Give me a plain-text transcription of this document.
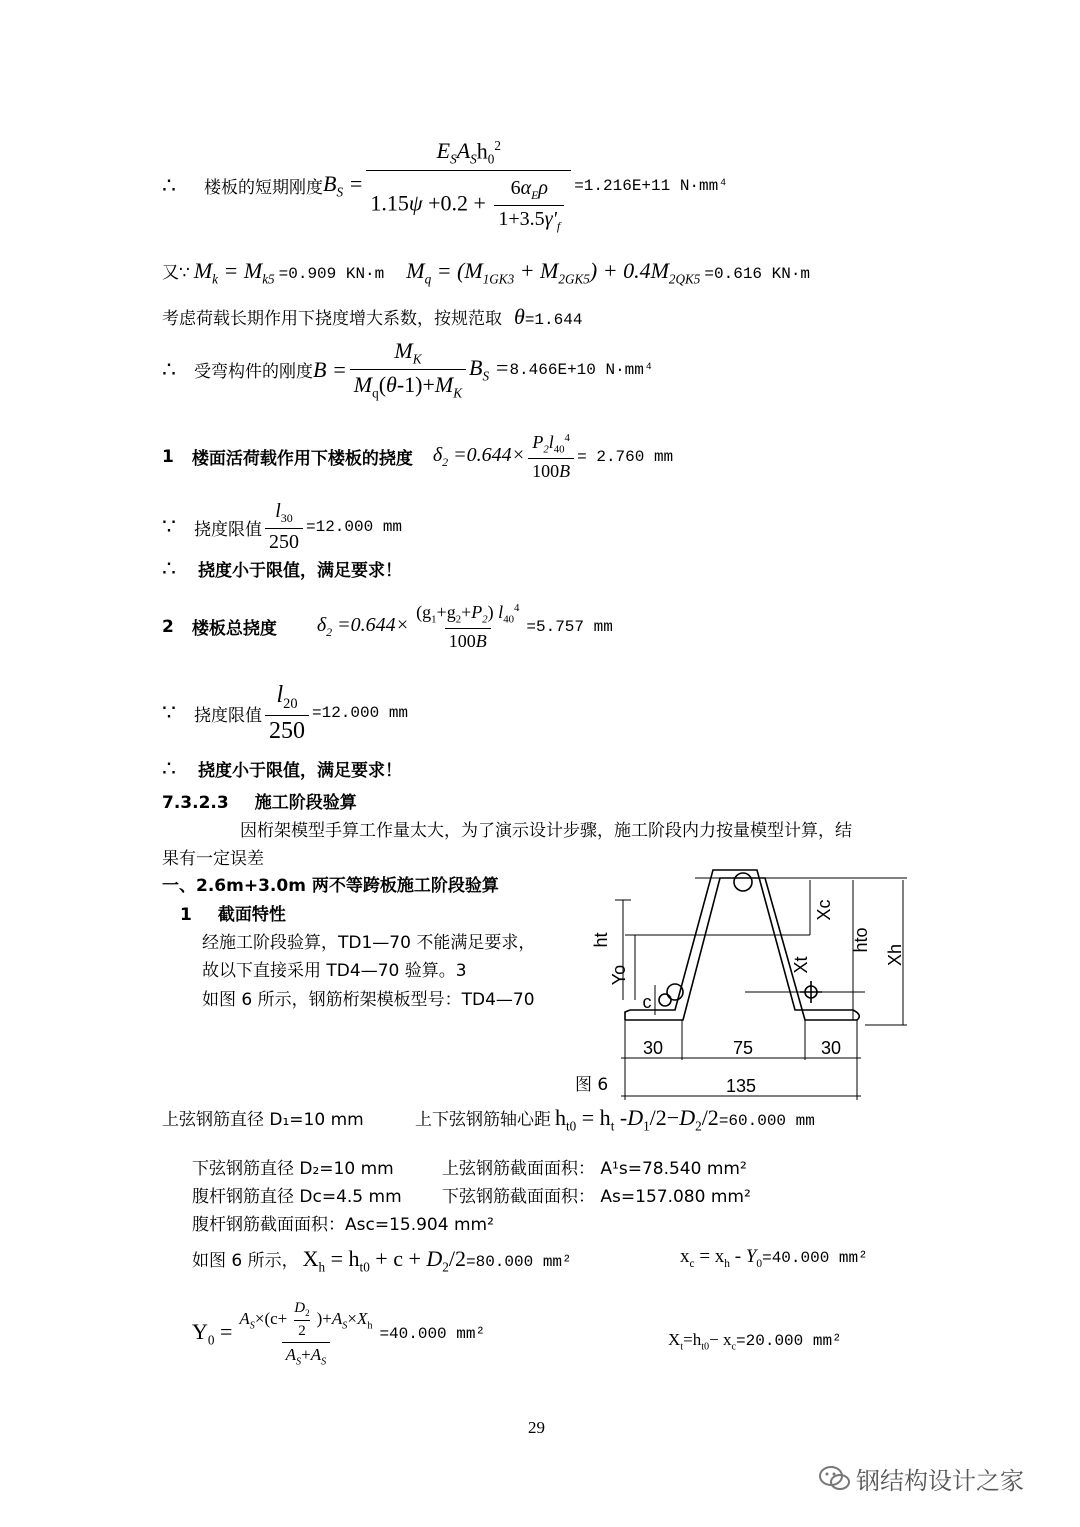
∴ 楼板的短期刚度 $B_S = \frac{E_SA_Sh_0^2}{1.15\psi +0.2 + \frac{6\alpha_E\rho}{1+3.5\gamma'_f}} =1.216E+11$ N·mm⁴
又∵ $M_k = M_{k5} =0.909$ KN·m $M_q = (M_{1GK3} + M_{2GK5}) + 0.4M_{2QK5} =0.616$ KN·m
考虑荷载长期作用下挠度增大系数，按规范取 θ=1.644
∴ 受弯构件的刚度 $B = \frac{M_K}{M_q(\theta-1)+M_K} B_S = 8.466E+10$ N·mm⁴
1 楼面活荷载作用下楼板的挠度 $\delta_2 =0.644\times \frac{P_2l_{40}^4}{100B} = 2.760$ mm
∵ 挠度限值 $\frac{l_{30}}{250} =12.000$ mm
∴ 挠度小于限值，满足要求！
2 楼板总挠度 $\delta_2 =0.644\times \frac{(g_1+g_2+P_2) l_{40}^4}{100B} =5.757$ mm
∵ 挠度限值 $\frac{l_{20}}{250} =12.000$ mm
∴ 挠度小于限值，满足要求！
7.3.2.3 施工阶段验算
因桁架模型手算工作量太大，为了演示设计步骤，施工阶段内力按量模型计算，结
果有一定误差
一、2.6m+3.0m 两不等跨板施工阶段验算
1 截面特性
经施工阶段验算，TD1—70 不能满足要求，
故以下直接采用 TD4—70 验算。3
如图 6 所示，钢筋桁架模板型号：TD4—70
图 6
30	75	30
135
ht
Yo
c
Xc
Xt
hto
Xh
上弦钢筋直径 D₁=10 mm	上下弦钢筋轴心距 $h_{t0} = h_t$ $-D_1/2-D_2/2=60.000$ mm
下弦钢筋直径 D₂=10 mm	上弦钢筋截面面积： A¹s=78.540 mm²
腹杆钢筋直径 Dc=4.5 mm 下弦钢筋截面面积： As=157.080 mm²
腹杆钢筋截面面积：Asc=15.904 mm²
如图 6 所示， $X_h = h_{t0} + c + D_2/2=80.000$ mm²	$x_c = x_h - Y_0=40.000$ mm²
$Y_0 = \frac{A_S\times(c+ \frac{D_2}{2} )+A_S\times X_h}{A_S+A_S} =40.000$ mm²	$X_t=h_{t0}- x_c=20.000$ mm²
29
钢结构设计之家
